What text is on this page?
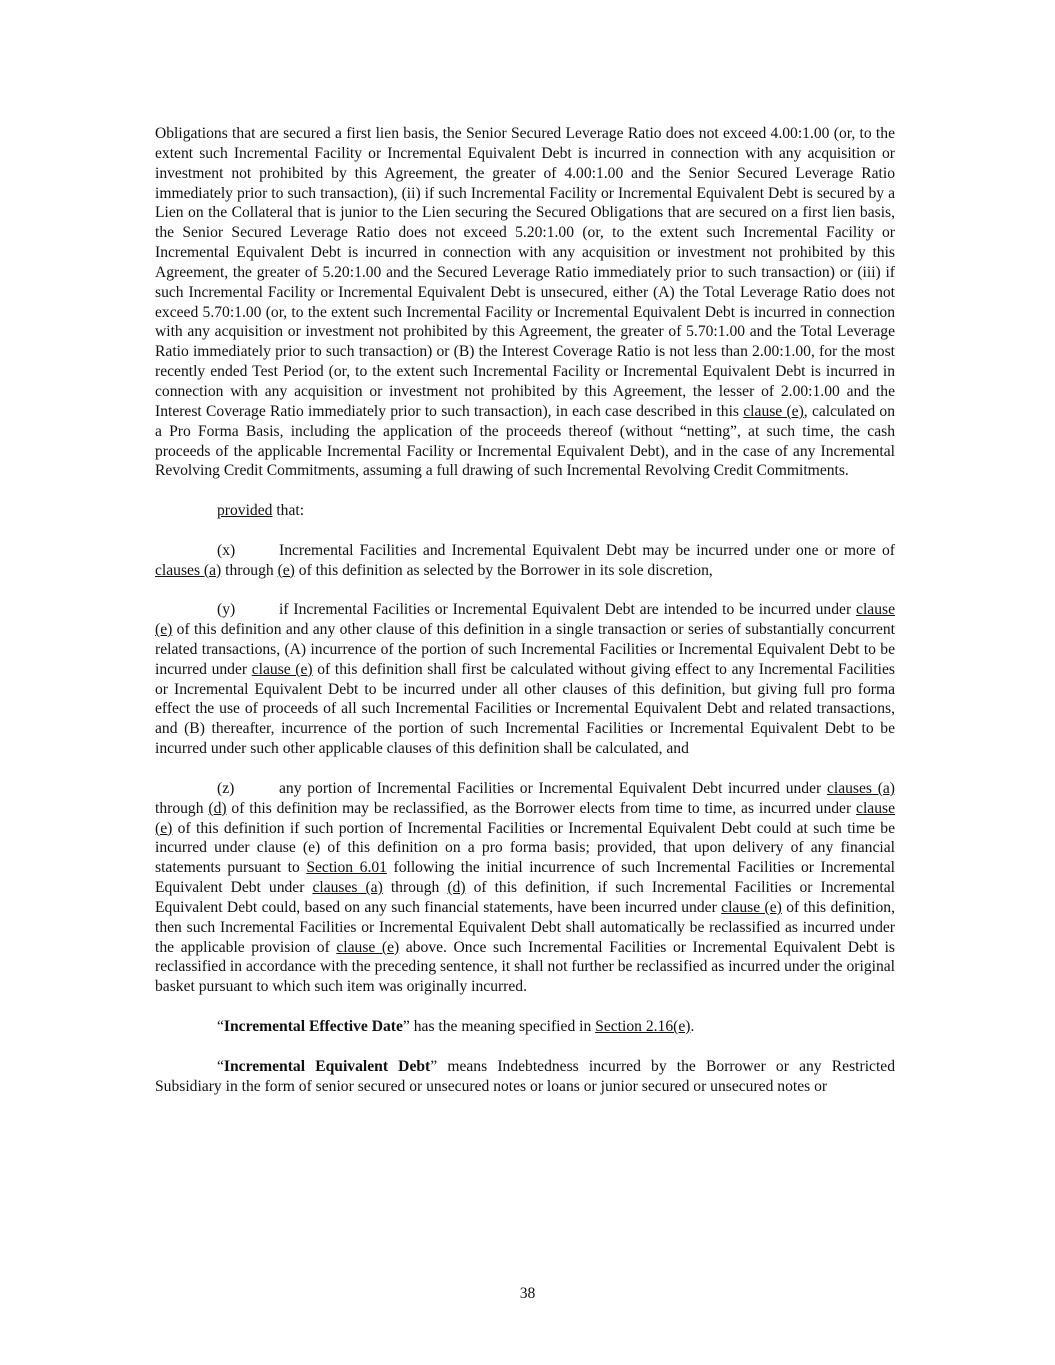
Obligations that are secured a first lien basis, the Senior Secured Leverage Ratio does not exceed 4.00:1.00 (or, to the extent such Incremental Facility or Incremental Equivalent Debt is incurred in connection with any acquisition or investment not prohibited by this Agreement, the greater of 4.00:1.00 and the Senior Secured Leverage Ratio immediately prior to such transaction), (ii) if such Incremental Facility or Incremental Equivalent Debt is secured by a Lien on the Collateral that is junior to the Lien securing the Secured Obligations that are secured on a first lien basis, the Senior Secured Leverage Ratio does not exceed 5.20:1.00 (or, to the extent such Incremental Facility or Incremental Equivalent Debt is incurred in connection with any acquisition or investment not prohibited by this Agreement, the greater of 5.20:1.00 and the Secured Leverage Ratio immediately prior to such transaction) or (iii) if such Incremental Facility or Incremental Equivalent Debt is unsecured, either (A) the Total Leverage Ratio does not exceed 5.70:1.00 (or, to the extent such Incremental Facility or Incremental Equivalent Debt is incurred in connection with any acquisition or investment not prohibited by this Agreement, the greater of 5.70:1.00 and the Total Leverage Ratio immediately prior to such transaction) or (B) the Interest Coverage Ratio is not less than 2.00:1.00, for the most recently ended Test Period (or, to the extent such Incremental Facility or Incremental Equivalent Debt is incurred in connection with any acquisition or investment not prohibited by this Agreement, the lesser of 2.00:1.00 and the Interest Coverage Ratio immediately prior to such transaction), in each case described in this clause (e), calculated on a Pro Forma Basis, including the application of the proceeds thereof (without “netting”, at such time, the cash proceeds of the applicable Incremental Facility or Incremental Equivalent Debt), and in the case of any Incremental Revolving Credit Commitments, assuming a full drawing of such Incremental Revolving Credit Commitments.

provided that:

(x)	Incremental Facilities and Incremental Equivalent Debt may be incurred under one or more of clauses (a) through (e) of this definition as selected by the Borrower in its sole discretion,

(y)	if Incremental Facilities or Incremental Equivalent Debt are intended to be incurred under clause (e) of this definition and any other clause of this definition in a single transaction or series of substantially concurrent related transactions, (A) incurrence of the portion of such Incremental Facilities or Incremental Equivalent Debt to be incurred under clause (e) of this definition shall first be calculated without giving effect to any Incremental Facilities or Incremental Equivalent Debt to be incurred under all other clauses of this definition, but giving full pro forma effect the use of proceeds of all such Incremental Facilities or Incremental Equivalent Debt and related transactions, and (B) thereafter, incurrence of the portion of such Incremental Facilities or Incremental Equivalent Debt to be incurred under such other applicable clauses of this definition shall be calculated, and

(z)	any portion of Incremental Facilities or Incremental Equivalent Debt incurred under clauses (a) through (d) of this definition may be reclassified, as the Borrower elects from time to time, as incurred under clause (e) of this definition if such portion of Incremental Facilities or Incremental Equivalent Debt could at such time be incurred under clause (e) of this definition on a pro forma basis; provided, that upon delivery of any financial statements pursuant to Section 6.01 following the initial incurrence of such Incremental Facilities or Incremental Equivalent Debt under clauses (a) through (d) of this definition, if such Incremental Facilities or Incremental Equivalent Debt could, based on any such financial statements, have been incurred under clause (e) of this definition, then such Incremental Facilities or Incremental Equivalent Debt shall automatically be reclassified as incurred under the applicable provision of clause (e) above. Once such Incremental Facilities or Incremental Equivalent Debt is reclassified in accordance with the preceding sentence, it shall not further be reclassified as incurred under the original basket pursuant to which such item was originally incurred.

“Incremental Effective Date” has the meaning specified in Section 2.16(e).

“Incremental Equivalent Debt” means Indebtedness incurred by the Borrower or any Restricted Subsidiary in the form of senior secured or unsecured notes or loans or junior secured or unsecured notes or

38
